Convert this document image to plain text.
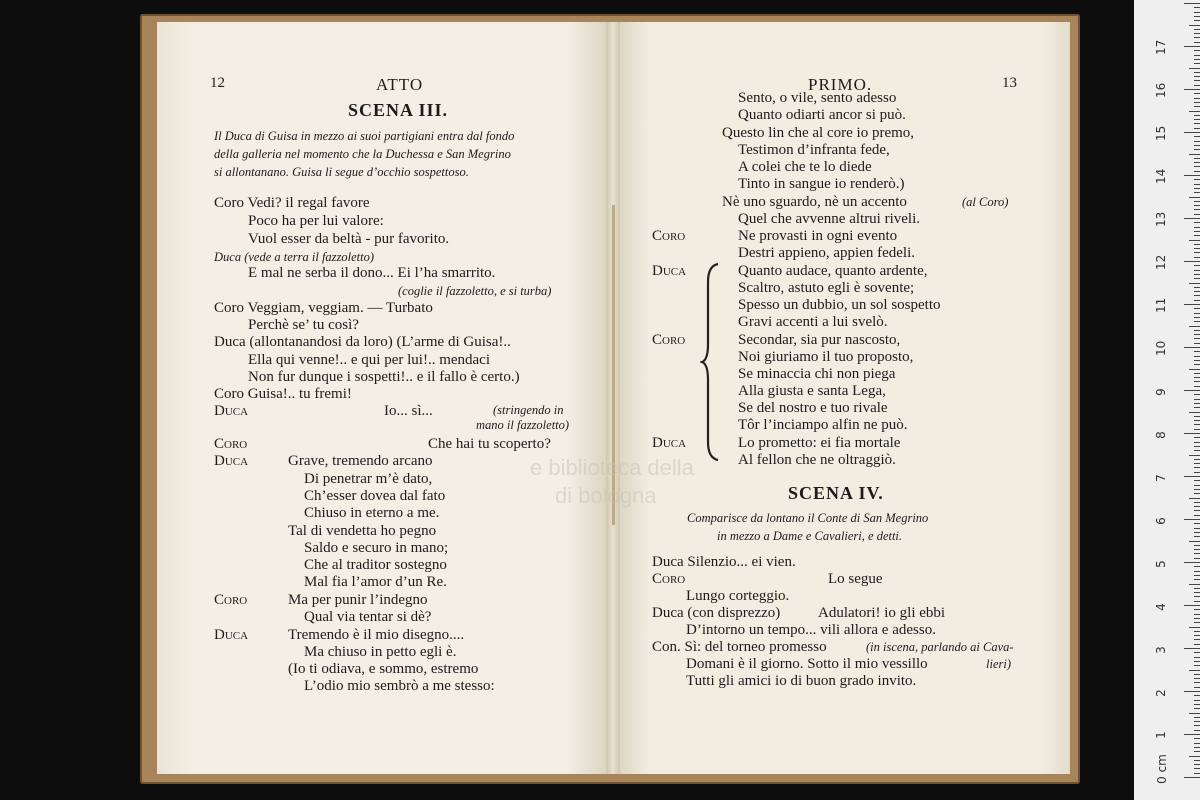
e biblioteca della
di bologna
12	ATTO
SCENA III.
Il Duca di Guisa in mezzo ai suoi partigiani entra dal fondo
della galleria nel momento che la Duchessa e San Megrino
si allontanano. Guisa li segue d’occhio sospettoso.
Coro Vedi? il regal favore
Poco ha per lui valore:
Vuol esser da beltà - pur favorito.
Duca (vede a terra il fazzoletto)
E mal ne serba il dono... Ei l’ha smarrito.
(coglie il fazzoletto, e si turba)
Coro Veggiam, veggiam. — Turbato
Perchè se’ tu così?
Duca (allontanandosi da loro) (L’arme di Guisa!..
Ella qui venne!.. e qui per lui!.. mendaci
Non fur dunque i sospetti!.. e il fallo è certo.)
Coro Guisa!.. tu fremi!
Duca	Io... sì...	(stringendo in
mano il fazzoletto)
Coro	Che hai tu scoperto?
Duca	Grave, tremendo arcano
Di penetrar m’è dato,
Ch’esser dovea dal fato
Chiuso in eterno a me.
Tal di vendetta ho pegno
Saldo e securo in mano;
Che al traditor sostegno
Mal fia l’amor d’un Re.
Coro	Ma per punir l’indegno
Qual via tentar si dè?
Duca	Tremendo è il mio disegno....
Ma chiuso in petto egli è.
(Io ti odiava, e sommo, estremo
L’odio mio sembrò a me stesso:
PRIMO.	13
Sento, o vile, sento adesso
Quanto odiarti ancor si può.
Questo lin che al core io premo,
Testimon d’infranta fede,
A colei che te lo diede
Tinto in sangue io renderò.)
Nè uno sguardo, nè un accento	(al Coro)
Quel che avvenne altrui riveli.
Coro	Ne provasti in ogni evento
Destri appieno, appien fedeli.
Duca	Quanto audace, quanto ardente,
Scaltro, astuto egli è sovente;
Spesso un dubbio, un sol sospetto
Gravi accenti a lui svelò.
Coro	Secondar, sia pur nascosto,
Noi giuriamo il tuo proposto,
Se minaccia chi non piega
Alla giusta e santa Lega,
Se del nostro e tuo rivale
Tôr l’inciampo alfin ne può.
Duca	Lo prometto: ei fia mortale
Al fellon che ne oltraggiò.
SCENA IV.
Comparisce da lontano il Conte di San Megrino
in mezzo a Dame e Cavalieri, e detti.
Duca Silenzio... ei vien.
Coro	Lo segue
Lungo corteggio.
Duca (con disprezzo)	Adulatori! io gli ebbi
D’intorno un tempo... vili allora e adesso.
Con. Sì: del torneo promesso	(in iscena, parlando ai Cava-
Domani è il giorno. Sotto il mio vessillo	lieri)
Tutti gli amici io di buon grado invito.
0 cm
1
2
3
4
5
6
7
8
9
10
11
12
13
14
15
16
17
